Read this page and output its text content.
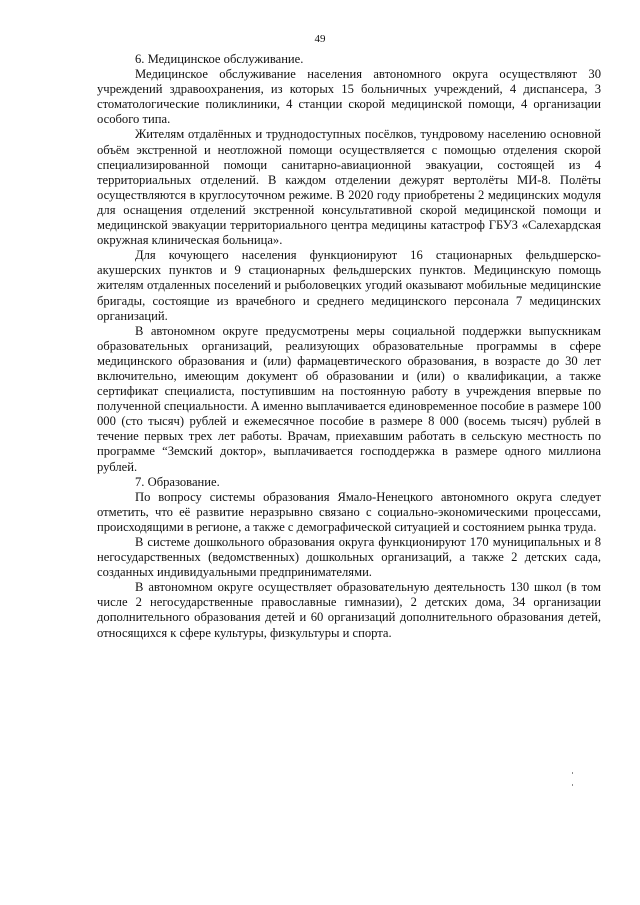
49

6. Медицинское обслуживание.

Медицинское обслуживание населения автономного округа осуществляют 30 учреждений здравоохранения, из которых 15 больничных учреждений, 4 диспансера, 3 стоматологические поликлиники, 4 станции скорой медицинской помощи, 4 организации особого типа.

Жителям отдалённых и труднодоступных посёлков, тундровому населению основной объём экстренной и неотложной помощи осуществляется с помощью отделения скорой специализированной помощи санитарно-авиационной эвакуации, состоящей из 4 территориальных отделений. В каждом отделении дежурят вертолёты МИ-8. Полёты осуществляются в круглосуточном режиме. В 2020 году приобретены 2 медицинских модуля для оснащения отделений экстренной консультативной скорой медицинской помощи и медицинской эвакуации территориального центра медицины катастроф ГБУЗ «Салехардская окружная клиническая больница».

Для кочующего населения функционируют 16 стационарных фельдшерско-акушерских пунктов и 9 стационарных фельдшерских пунктов. Медицинскую помощь жителям отдаленных поселений и рыболовецких угодий оказывают мобильные медицинские бригады, состоящие из врачебного и среднего медицинского персонала 7 медицинских организаций.

В автономном округе предусмотрены меры социальной поддержки выпускникам образовательных организаций, реализующих образовательные программы в сфере медицинского образования и (или) фармацевтического образования, в возрасте до 30 лет включительно, имеющим документ об образовании и (или) о квалификации, а также сертификат специалиста, поступившим на постоянную работу в учреждения впервые по полученной специальности. А именно выплачивается единовременное пособие в размере 100 000 (сто тысяч) рублей и ежемесячное пособие в размере 8 000 (восемь тысяч) рублей в течение первых трех лет работы. Врачам, приехавшим работать в сельскую местность по программе “Земский доктор», выплачивается господдержка в размере одного миллиона рублей.

7. Образование.

По вопросу системы образования Ямало-Ненецкого автономного округа следует отметить, что её развитие неразрывно связано с социально-экономическими процессами, происходящими в регионе, а также с демографической ситуацией и состоянием рынка труда.

В системе дошкольного образования округа функционируют 170 муниципальных и 8 негосударственных (ведомственных) дошкольных организаций, а также 2 детских сада, созданных индивидуальными предпринимателями.

В автономном округе осуществляет образовательную деятельность 130 школ (в том числе 2 негосударственные православные гимназии), 2 детских дома, 34 организации дополнительного образования детей и 60 организаций дополнительного образования детей, относящихся к сфере культуры, физкультуры и спорта.
